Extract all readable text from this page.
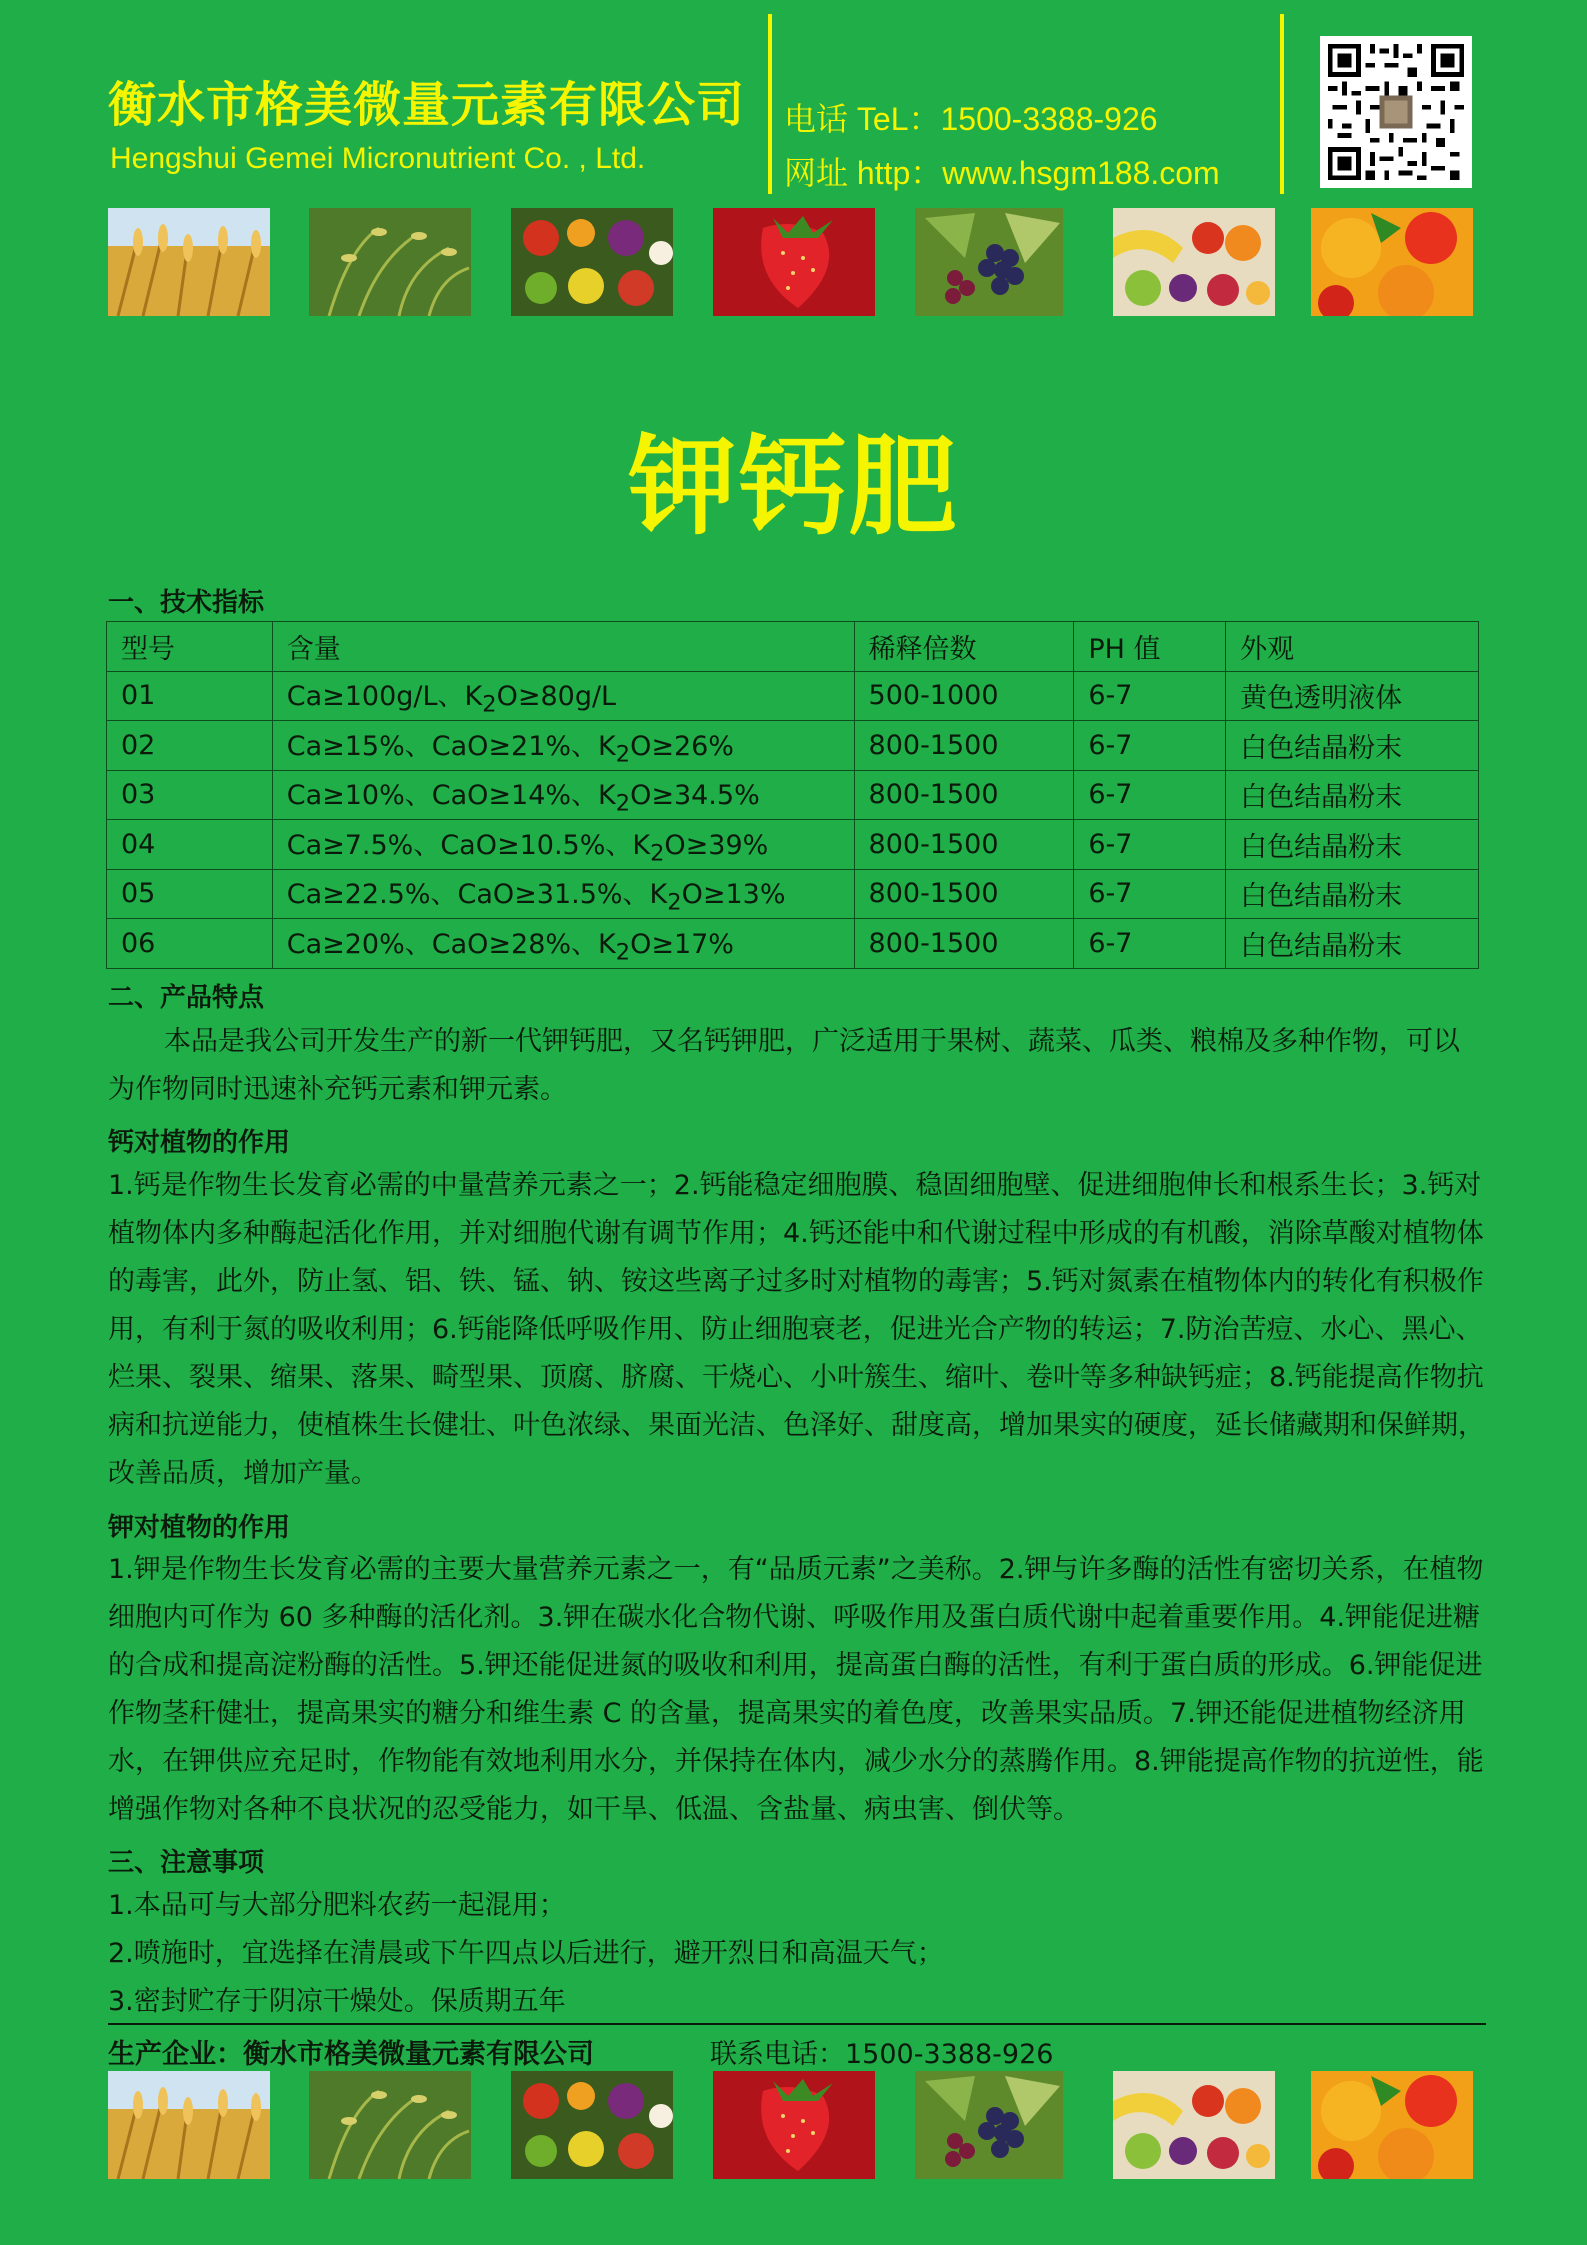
衡水市格美微量元素有限公司
Hengshui Gemei Micronutrient Co. , Ltd.
电话 TeL：1500-3388-926
网址 http：www.hsgm188.com
钾钙肥
一、技术指标
型号	含量	稀释倍数	PH 值	外观
01	Ca≥100g/L、$K_2O\ge 80g/L$	500-1000	6-7	黄色透明液体
02	Ca≥15%、CaO≥21%、$K_2O\ge 26\%$	800-1500	6-7	白色结晶粉末
03	Ca≥10%、CaO≥14%、$K_2O\ge 34.5\%$	800-1500	6-7	白色结晶粉末
04	Ca≥7.5%、CaO≥10.5%、$K_2O\ge 39\%$	800-1500	6-7	白色结晶粉末
05	Ca≥22.5%、CaO≥31.5%、$K_2O\ge 13\%$	800-1500	6-7	白色结晶粉末
06	Ca≥20%、CaO≥28%、$K_2O\ge 17\%$	800-1500	6-7	白色结晶粉末
二、产品特点
本品是我公司开发生产的新一代钾钙肥，又名钙钾肥，广泛适用于果树、蔬菜、瓜类、粮棉及多种作物，可以为作物同时迅速补充钙元素和钾元素。
钙对植物的作用
1.钙是作物生长发育必需的中量营养元素之一；2.钙能稳定细胞膜、稳固细胞壁、促进细胞伸长和根系生长；3.钙对植物体内多种酶起活化作用，并对细胞代谢有调节作用；4.钙还能中和代谢过程中形成的有机酸，消除草酸对植物体的毒害，此外，防止氢、铝、铁、锰、钠、铵这些离子过多时对植物的毒害；5.钙对氮素在植物体内的转化有积极作用，有利于氮的吸收利用；6.钙能降低呼吸作用、防止细胞衰老，促进光合产物的转运；7.防治苦痘、水心、黑心、烂果、裂果、缩果、落果、畸型果、顶腐、脐腐、干烧心、小叶簇生、缩叶、卷叶等多种缺钙症；8.钙能提高作物抗病和抗逆能力，使植株生长健壮、叶色浓绿、果面光洁、色泽好、甜度高，增加果实的硬度，延长储藏期和保鲜期，改善品质，增加产量。
钾对植物的作用
1.钾是作物生长发育必需的主要大量营养元素之一，有“品质元素”之美称。2.钾与许多酶的活性有密切关系，在植物细胞内可作为 60 多种酶的活化剂。3.钾在碳水化合物代谢、呼吸作用及蛋白质代谢中起着重要作用。4.钾能促进糖的合成和提高淀粉酶的活性。5.钾还能促进氮的吸收和利用，提高蛋白酶的活性，有利于蛋白质的形成。6.钾能促进作物茎秆健壮，提高果实的糖分和维生素 C 的含量，提高果实的着色度，改善果实品质。7.钾还能促进植物经济用水，在钾供应充足时，作物能有效地利用水分，并保持在体内，减少水分的蒸腾作用。8.钾能提高作物的抗逆性，能增强作物对各种不良状况的忍受能力，如干旱、低温、含盐量、病虫害、倒伏等。
三、注意事项
1.本品可与大部分肥料农药一起混用；
2.喷施时，宜选择在清晨或下午四点以后进行，避开烈日和高温天气；
3.密封贮存于阴凉干燥处。保质期五年
生产企业：衡水市格美微量元素有限公司	联系电话：1500-3388-926
